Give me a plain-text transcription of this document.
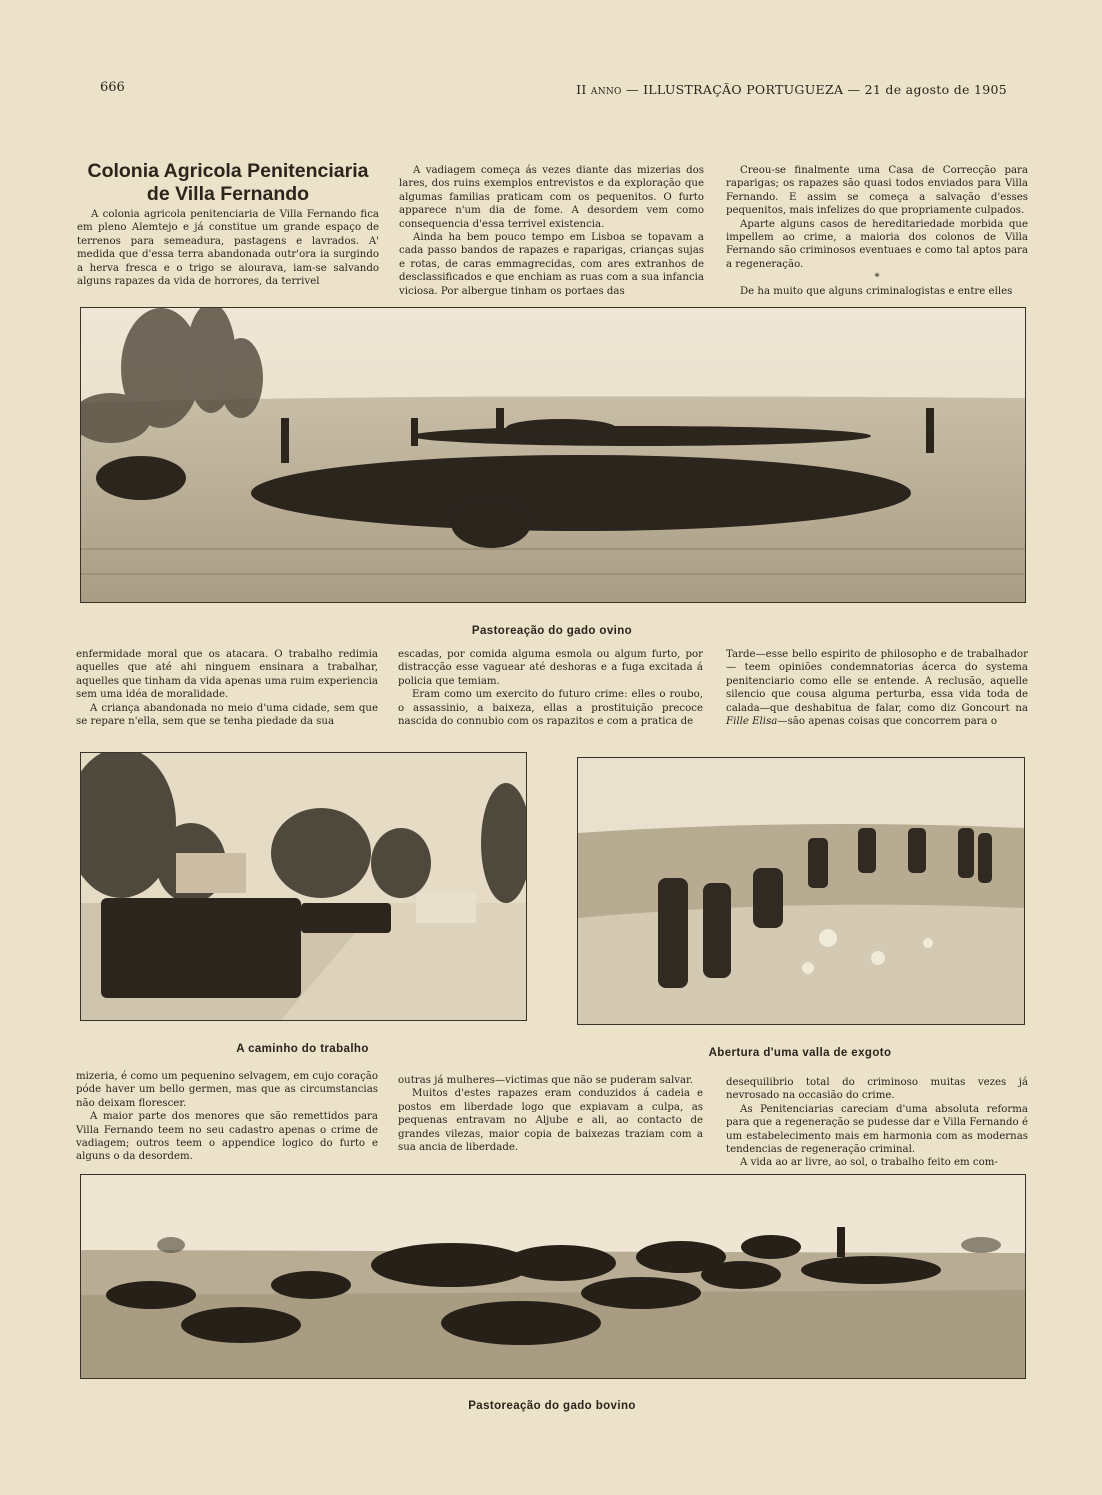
666	II anno — ILLUSTRAÇÃO PORTUGUEZA — 21 de agosto de 1905
Colonia Agricola Penitenciaria
de Villa Fernando

A colonia agricola penitenciaria de Villa Fernando fica em pleno Alemtejo e já constitue um grande espaço de terrenos para semeadura, pastagens e lavrados. A' medida que d'essa terra abandonada outr'ora ia surgindo a herva fresca e o trigo se alourava, iam-se salvando alguns rapazes da vida de horrores, da terrivel

A vadiagem começa ás vezes diante das mizerias dos lares, dos ruins exemplos entrevistos e da exploração que algumas familias praticam com os pequenitos. O furto apparece n'um dia de fome. A desordem vem como consequencia d'essa terrivel existencia.

Ainda ha bem pouco tempo em Lisboa se topavam a cada passo bandos de rapazes e raparigas, crianças sujas e rotas, de caras emmagrecidas, com ares extranhos de desclassificados e que enchiam as ruas com a sua infancia viciosa. Por albergue tinham os portaes das

Creou-se finalmente uma Casa de Correcção para raparigas; os rapazes são quasi todos enviados para Villa Fernando. E assim se começa a salvação d'esses pequenitos, mais infelizes do que propriamente culpados.

Aparte alguns casos de hereditariedade morbida que impellem ao crime, a maioria dos colonos de Villa Fernando são criminosos eventuaes e como tal aptos para a regeneração.

*

De ha muito que alguns criminalogistas e entre elles

Pastoreação do gado ovino

enfermidade moral que os atacara. O trabalho redimia aquelles que até ahi ninguem ensinara a trabalhar, aquelles que tinham da vida apenas uma ruim experiencia sem uma idéa de moralidade.

A criança abandonada no meio d'uma cidade, sem que se repare n'ella, sem que se tenha piedade da sua

escadas, por comida alguma esmola ou algum furto, por distracção esse vaguear até deshoras e a fuga excitada á policia que temiam.

Eram como um exercito do futuro crime: elles o roubo, o assassinio, a baixeza, ellas a prostituição precoce nascida do connubio com os rapazitos e com a pratica de

Tarde—esse bello espirito de philosopho e de trabalhador — teem opiniões condemnatorias ácerca do systema penitenciario como elle se entende. A reclusão, aquelle silencio que cousa alguma perturba, essa vida toda de calada—que deshabitua de falar, como diz Goncourt na Fille Elisa—são apenas coisas que concorrem para o

A caminho do trabalho	Abertura d'uma valla de exgoto

mizeria, é como um pequenino selvagem, em cujo coração póde haver um bello germen, mas que as circumstancias não deixam florescer.

A maior parte dos menores que são remettidos para Villa Fernando teem no seu cadastro apenas o crime de vadiagem; outros teem o appendice logico do furto e alguns o da desordem.

outras já mulheres—victimas que não se puderam salvar.

Muitos d'estes rapazes eram conduzidos á cadeia e postos em liberdade logo que expiavam a culpa, as pequenas entravam no Aljube e ali, ao contacto de grandes vilezas, maior copia de baixezas traziam com a sua ancia de liberdade.

desequilibrio total do criminoso muitas vezes já nevrosado na occasião do crime.

As Penitenciarias careciam d'uma absoluta reforma para que a regeneração se pudesse dar e Villa Fernando é um estabelecimento mais em harmonia com as modernas tendencias de regeneração criminal.

A vida ao ar livre, ao sol, o trabalho feito em com-

Pastoreação do gado bovino
